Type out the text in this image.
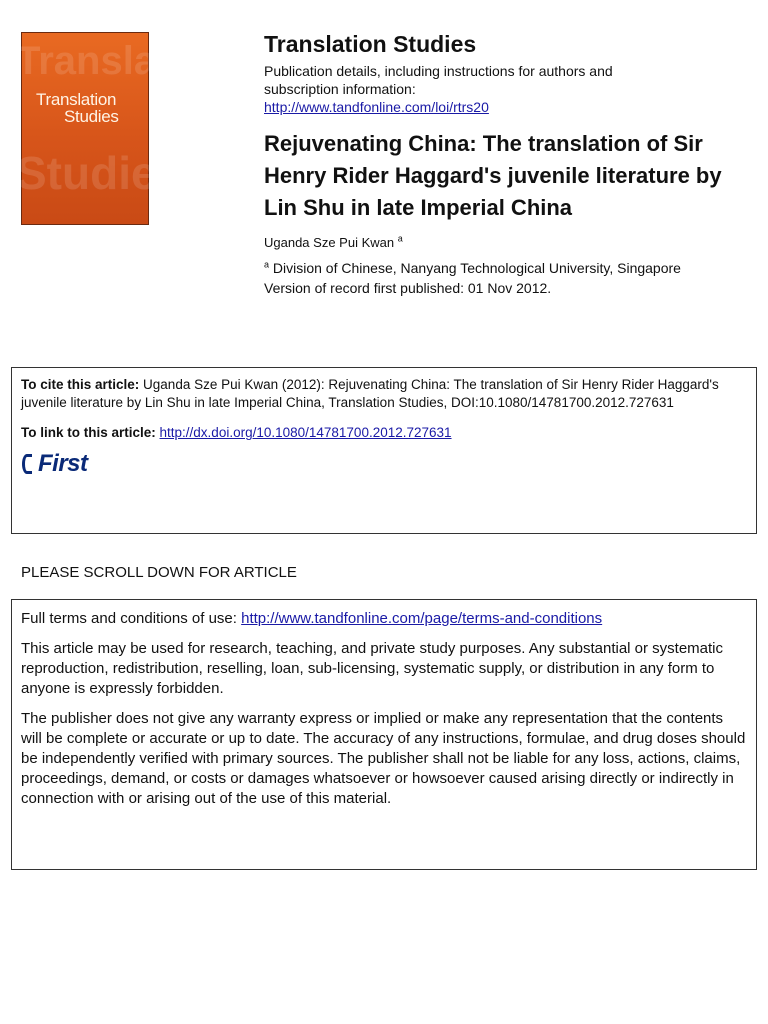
Translation
Studies
Translation
Studies
Translation Studies
Publication details, including instructions for authors and
subscription information:
http://www.tandfonline.com/loi/rtrs20
Rejuvenating China: The translation of Sir Henry Rider Haggard's juvenile literature by Lin Shu in late Imperial China
Uganda Sze Pui Kwan $^a$
$^a$ Division of Chinese, Nanyang Technological University, Singapore
Version of record first published: 01 Nov 2012.
To cite this article: Uganda Sze Pui Kwan (2012): Rejuvenating China: The translation of Sir Henry Rider Haggard's juvenile literature by Lin Shu in late Imperial China, Translation Studies, DOI:10.1080/14781700.2012.727631
To link to this article: http://dx.doi.org/10.1080/14781700.2012.727631
First
PLEASE SCROLL DOWN FOR ARTICLE

Full terms and conditions of use: http://www.tandfonline.com/page/terms-and-conditions

This article may be used for research, teaching, and private study purposes. Any substantial or systematic reproduction, redistribution, reselling, loan, sub-licensing, systematic supply, or distribution in any form to anyone is expressly forbidden.

The publisher does not give any warranty express or implied or make any representation that the contents will be complete or accurate or up to date. The accuracy of any instructions, formulae, and drug doses should be independently verified with primary sources. The publisher shall not be liable for any loss, actions, claims, proceedings, demand, or costs or damages whatsoever or howsoever caused arising directly or indirectly in connection with or arising out of the use of this material.
